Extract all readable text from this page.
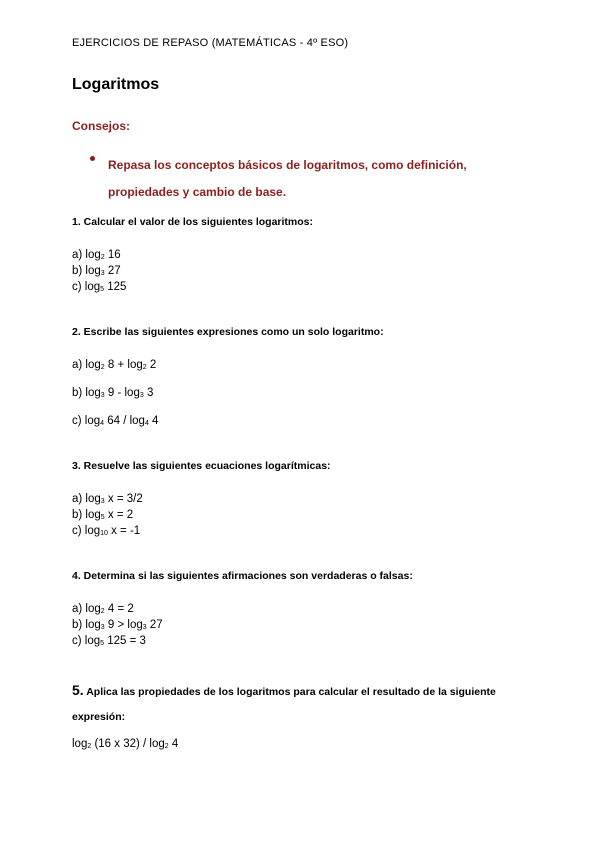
EJERCICIOS DE REPASO (MATEMÁTICAS - 4º ESO)
Logaritmos
Consejos:
Repasa los conceptos básicos de logaritmos, como definición, propiedades y cambio de base.
1. Calcular el valor de los siguientes logaritmos:
a) $\log_2 16$
b) $\log_3 27$
c) $\log_5 125$
2. Escribe las siguientes expresiones como un solo logaritmo:
a) $\log_2 8 + \log_2 2$
b) $\log_3 9 - \log_3 3$
c) $\log_4 64 / \log_4 4$
3. Resuelve las siguientes ecuaciones logarítmicas:
a) $\log_3 x = 3/2$
b) $\log_5 x = 2$
c) $\log_{10} x = -1$
4. Determina si las siguientes afirmaciones son verdaderas o falsas:
a) $\log_2 4 = 2$
b) $\log_3 9 > \log_3 27$
c) $\log_5 125 = 3$
5. Aplica las propiedades de los logaritmos para calcular el resultado de la siguiente expresión:
$\log_2 (16$ x $32) / \log_2 4$
